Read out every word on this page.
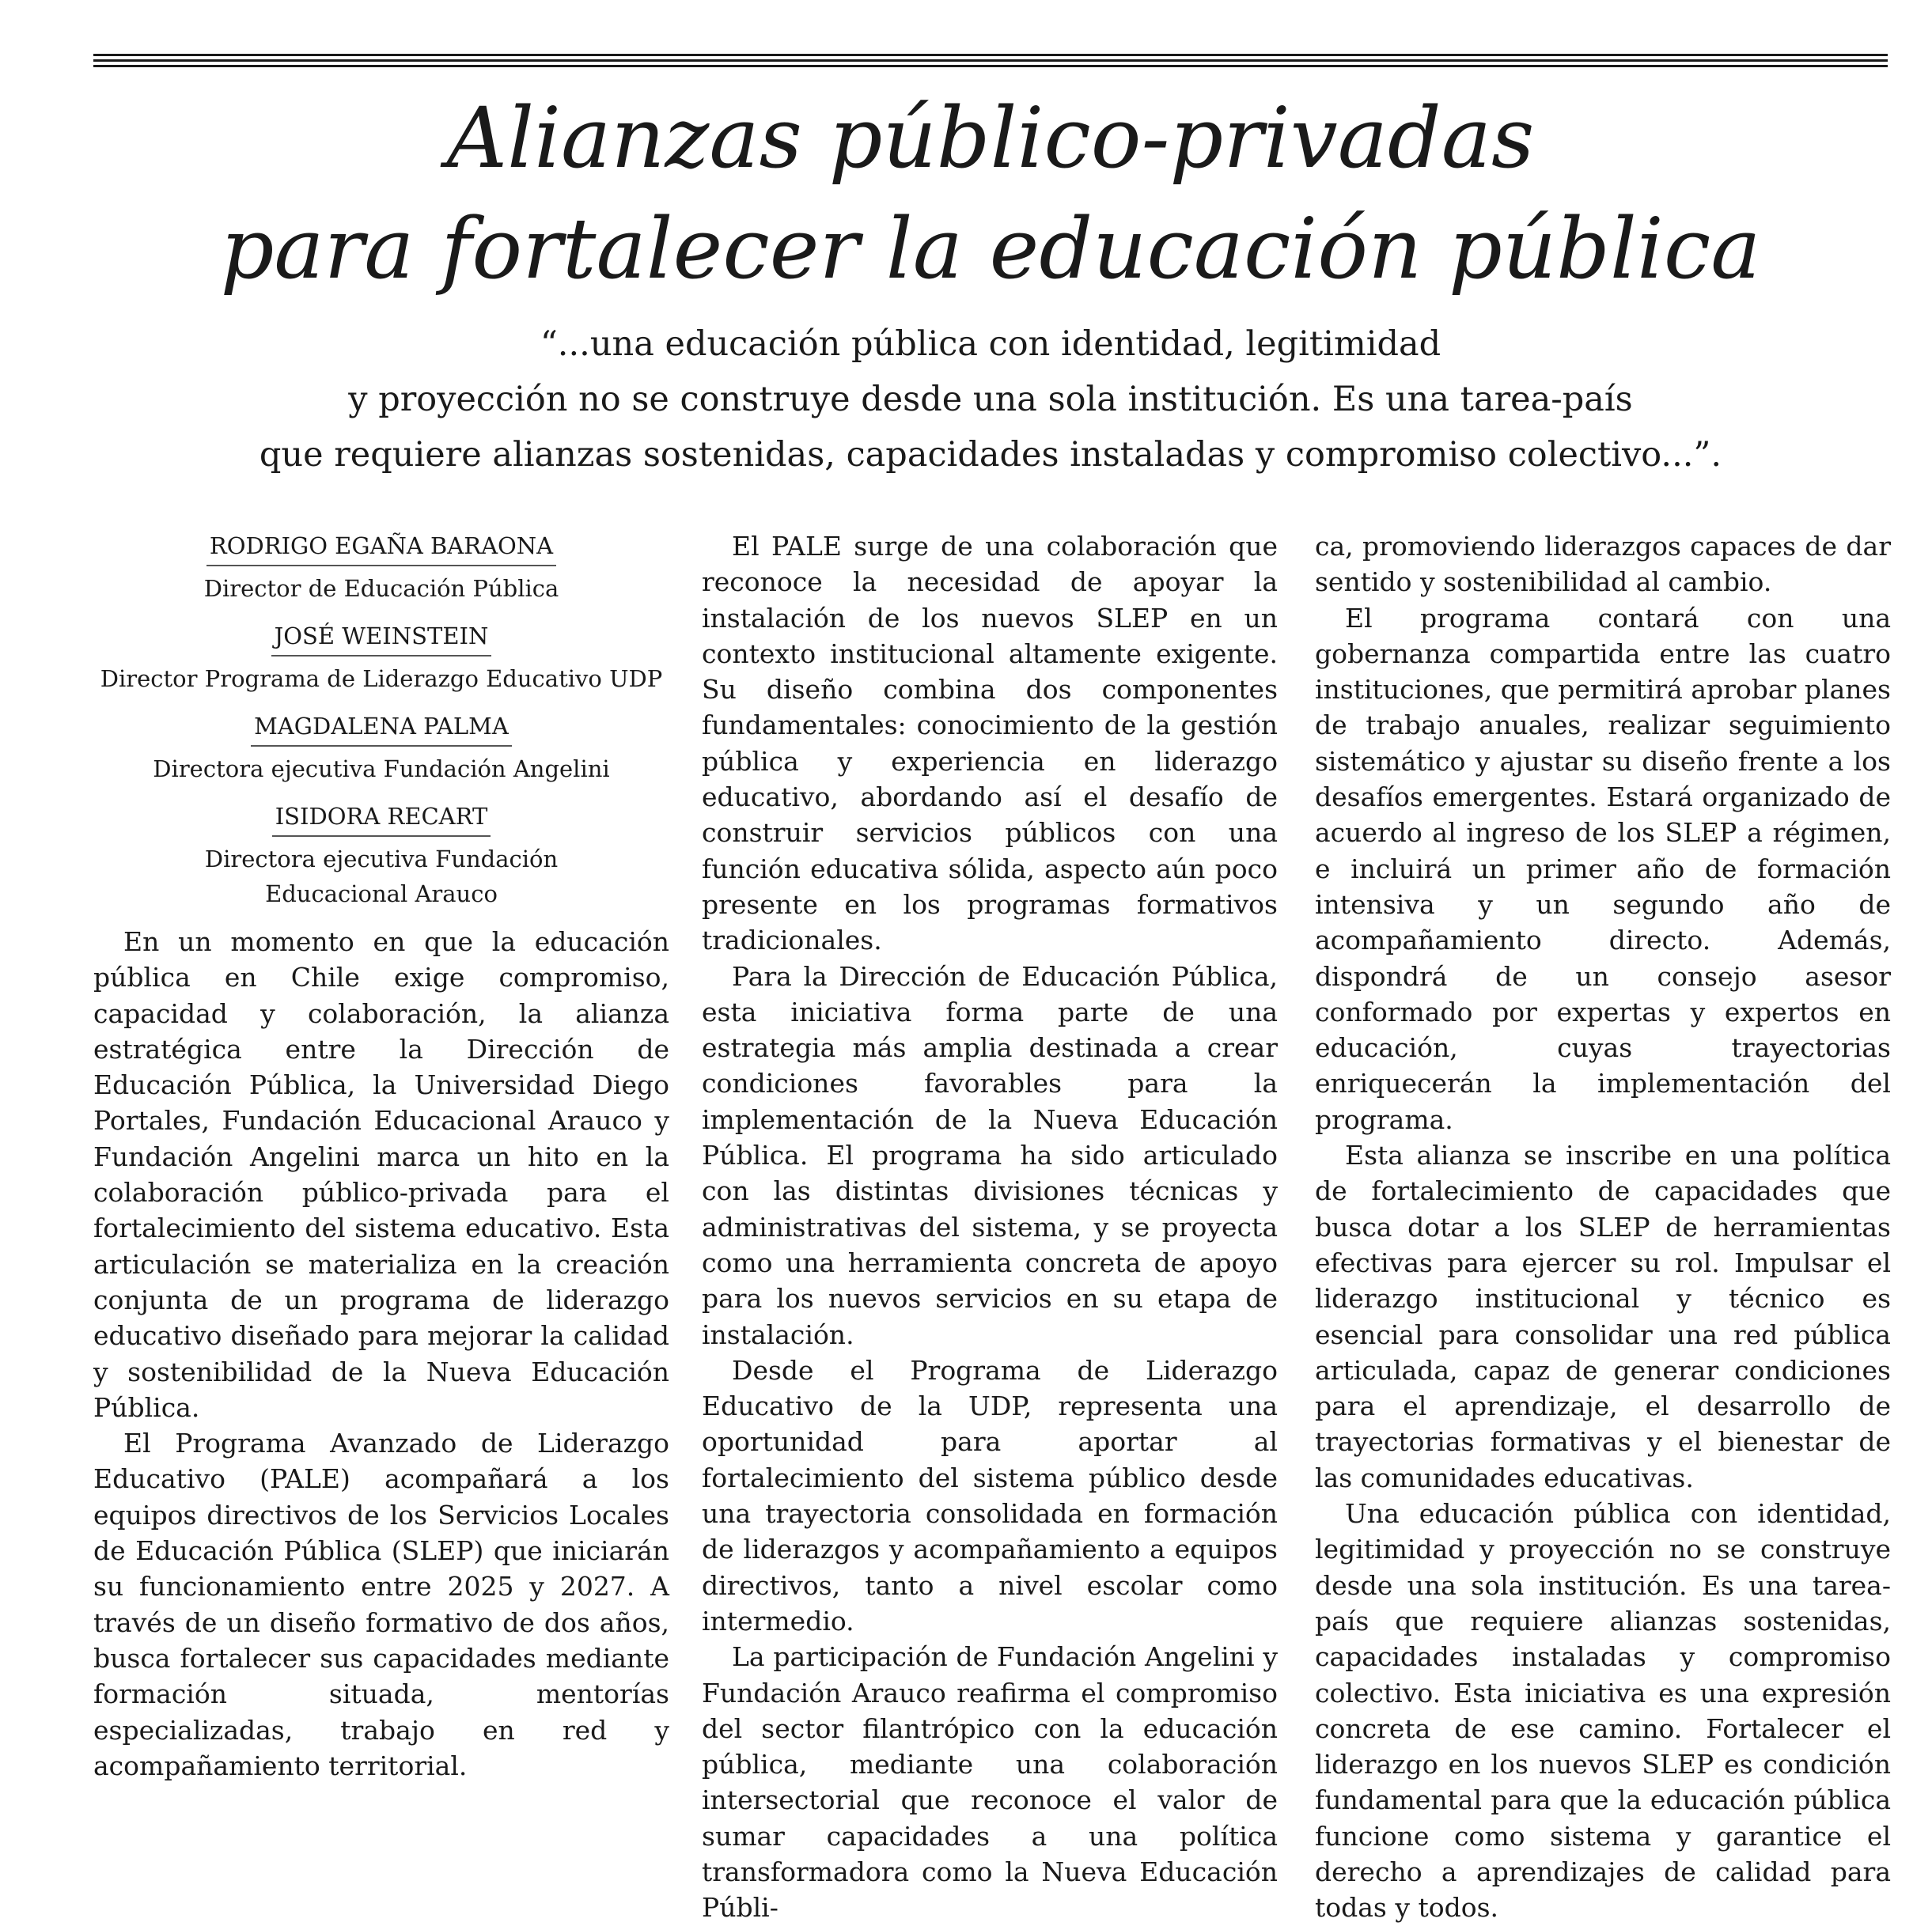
Alianzas público-privadas
para fortalecer la educación pública
“...una educación pública con identidad, legitimidad
y proyección no se construye desde una sola institución. Es una tarea-país
que requiere alianzas sostenidas, capacidades instaladas y compromiso colectivo...”.
RODRIGO EGAÑA BARAONA
Director de Educación Pública
JOSÉ WEINSTEIN
Director Programa de Liderazgo Educativo UDP
MAGDALENA PALMA
Directora ejecutiva Fundación Angelini
ISIDORA RECART
Directora ejecutiva Fundación Educacional Arauco

En un momento en que la educación pública en Chile exige compromiso, capacidad y colaboración, la alianza estratégica entre la Dirección de Educación Pública, la Universidad Diego Portales, Fundación Educacional Arauco y Fundación Angelini marca un hito en la colaboración público-privada para el fortalecimiento del sistema educativo. Esta articulación se materializa en la creación conjunta de un programa de liderazgo educativo diseñado para mejorar la calidad y sostenibilidad de la Nueva Educación Pública.

El Programa Avanzado de Liderazgo Educativo (PALE) acompañará a los equipos directivos de los Servicios Locales de Educación Pública (SLEP) que iniciarán su funcionamiento entre 2025 y 2027. A través de un diseño formativo de dos años, busca fortalecer sus capacidades mediante formación situada, mentorías especializadas, trabajo en red y acompañamiento territorial.

El PALE surge de una colaboración que reconoce la necesidad de apoyar la instalación de los nuevos SLEP en un contexto institucional altamente exigente. Su diseño combina dos componentes fundamentales: conocimiento de la gestión pública y experiencia en liderazgo educativo, abordando así el desafío de construir servicios públicos con una función educativa sólida, aspecto aún poco presente en los programas formativos tradicionales.

Para la Dirección de Educación Pública, esta iniciativa forma parte de una estrategia más amplia destinada a crear condiciones favorables para la implementación de la Nueva Educación Pública. El programa ha sido articulado con las distintas divisiones técnicas y administrativas del sistema, y se proyecta como una herramienta concreta de apoyo para los nuevos servicios en su etapa de instalación.

Desde el Programa de Liderazgo Educativo de la UDP, representa una oportunidad para aportar al fortalecimiento del sistema público desde una trayectoria consolidada en formación de liderazgos y acompañamiento a equipos directivos, tanto a nivel escolar como intermedio.

La participación de Fundación Angelini y Fundación Arauco reafirma el compromiso del sector filantrópico con la educación pública, mediante una colaboración intersectorial que reconoce el valor de sumar capacidades a una política transformadora como la Nueva Educación Públi-

ca, promoviendo liderazgos capaces de dar sentido y sostenibilidad al cambio.

El programa contará con una gobernanza compartida entre las cuatro instituciones, que permitirá aprobar planes de trabajo anuales, realizar seguimiento sistemático y ajustar su diseño frente a los desafíos emergentes. Estará organizado de acuerdo al ingreso de los SLEP a régimen, e incluirá un primer año de formación intensiva y un segundo año de acompañamiento directo. Además, dispondrá de un consejo asesor conformado por expertas y expertos en educación, cuyas trayectorias enriquecerán la implementación del programa.

Esta alianza se inscribe en una política de fortalecimiento de capacidades que busca dotar a los SLEP de herramientas efectivas para ejercer su rol. Impulsar el liderazgo institucional y técnico es esencial para consolidar una red pública articulada, capaz de generar condiciones para el aprendizaje, el desarrollo de trayectorias formativas y el bienestar de las comunidades educativas.

Una educación pública con identidad, legitimidad y proyección no se construye desde una sola institución. Es una tarea-país que requiere alianzas sostenidas, capacidades instaladas y compromiso colectivo. Esta iniciativa es una expresión concreta de ese camino. Fortalecer el liderazgo en los nuevos SLEP es condición fundamental para que la educación pública funcione como sistema y garantice el derecho a aprendizajes de calidad para todas y todos.
